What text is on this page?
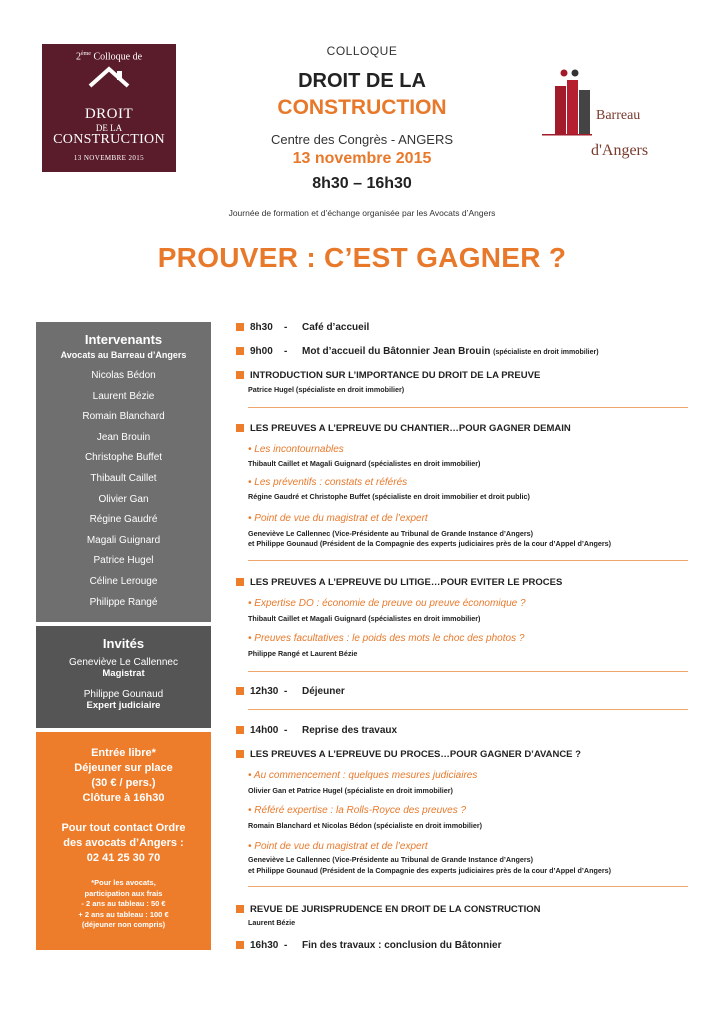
2ème Colloque de
DROIT
DE LA
CONSTRUCTION
13 NOVEMBRE 2015
COLLOQUE
DROIT DE LA
CONSTRUCTION
Centre des Congrès - ANGERS
13 novembre 2015
8h30 – 16h30
Journée de formation et d’échange organisée par les Avocats d’Angers
Barreau
d'Angers
PROUVER : C’EST GAGNER ?
Intervenants
Avocats au Barreau d’Angers
Nicolas Bédon
Laurent Bézie
Romain Blanchard
Jean Brouin
Christophe Buffet
Thibault Caillet
Olivier Gan
Régine Gaudré
Magali Guignard
Patrice Hugel
Céline Lerouge
Philippe Rangé
Invités
Geneviève Le Callennec
Magistrat
Philippe Gounaud
Expert judiciaire
Entrée libre*
Déjeuner sur place
(30 € / pers.)
Clôture à 16h30
Pour tout contact Ordre
des avocats d’Angers :
02 41 25 30 70
*Pour les avocats,
participation aux frais
- 2 ans au tableau : 50 €
+ 2 ans au tableau : 100 €
(déjeuner non compris)
8h30 - Café d’accueil
9h00 - Mot d’accueil du Bâtonnier Jean Brouin (spécialiste en droit immobilier)
INTRODUCTION SUR L’IMPORTANCE DU DROIT DE LA PREUVE
Patrice Hugel (spécialiste en droit immobilier)
LES PREUVES A L’EPREUVE DU CHANTIER…POUR GAGNER DEMAIN
• Les incontournables
Thibault Caillet et Magali Guignard (spécialistes en droit immobilier)
• Les préventifs : constats et référés
Régine Gaudré et Christophe Buffet (spécialiste en droit immobilier et droit public)
• Point de vue du magistrat et de l’expert
Geneviève Le Callennec (Vice-Présidente au Tribunal de Grande Instance d’Angers)
et Philippe Gounaud (Président de la Compagnie des experts judiciaires près de la cour d’Appel d’Angers)
LES PREUVES A L’EPREUVE DU LITIGE…POUR EVITER LE PROCES
• Expertise DO : économie de preuve ou preuve économique ?
Thibault Caillet et Magali Guignard (spécialistes en droit immobilier)
• Preuves facultatives : le poids des mots le choc des photos ?
Philippe Rangé et Laurent Bézie
12h30 - Déjeuner
14h00 - Reprise des travaux
LES PREUVES A L’EPREUVE DU PROCES…POUR GAGNER D’AVANCE ?
• Au commencement : quelques mesures judiciaires
Olivier Gan et Patrice Hugel (spécialiste en droit immobilier)
• Référé expertise : la Rolls-Royce des preuves ?
Romain Blanchard et Nicolas Bédon (spécialiste en droit immobilier)
• Point de vue du magistrat et de l’expert
Geneviève Le Callennec (Vice-Présidente au Tribunal de Grande Instance d’Angers)
et Philippe Gounaud (Président de la Compagnie des experts judiciaires près de la cour d’Appel d’Angers)
REVUE DE JURISPRUDENCE EN DROIT DE LA CONSTRUCTION
Laurent Bézie
16h30 - Fin des travaux : conclusion du Bâtonnier
